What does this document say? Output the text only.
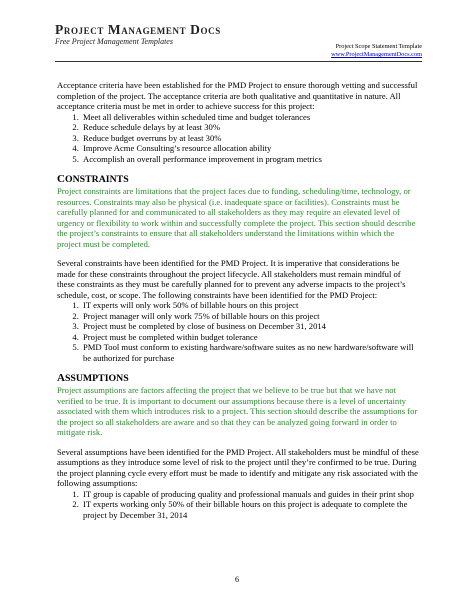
Project Management Docs
Free Project Management Templates
Project Scope Statement Template
www.ProjectManagementDocs.com

Acceptance criteria have been established for the PMD Project to ensure thorough vetting and successful completion of the project. The acceptance criteria are both qualitative and quantitative in nature. All acceptance criteria must be met in order to achieve success for this project:

1. Meet all deliverables within scheduled time and budget tolerances
2. Reduce schedule delays by at least 30%
3. Reduce budget overruns by at least 30%
4. Improve Acme Consulting’s resource allocation ability
5. Accomplish an overall performance improvement in program metrics
CONSTRAINTS

Project constraints are limitations that the project faces due to funding, scheduling/time, technology, or resources. Constraints may also be physical (i.e. inadequate space or facilities). Constraints must be carefully planned for and communicated to all stakeholders as they may require an elevated level of urgency or flexibility to work within and successfully complete the project. This section should describe the project’s constraints to ensure that all stakeholders understand the limitations within which the project must be completed.

Several constraints have been identified for the PMD Project. It is imperative that considerations be made for these constraints throughout the project lifecycle. All stakeholders must remain mindful of these constraints as they must be carefully planned for to prevent any adverse impacts to the project’s schedule, cost, or scope. The following constraints have been identified for the PMD Project:

1. IT experts will only work 50% of billable hours on this project
2. Project manager will only work 75% of billable hours on this project
3. Project must be completed by close of business on December 31, 2014
4. Project must be completed within budget tolerance
5. PMD Tool must conform to existing hardware/software suites as no new hardware/software will be authorized for purchase
ASSUMPTIONS

Project assumptions are factors affecting the project that we believe to be true but that we have not verified to be true. It is important to document our assumptions because there is a level of uncertainty associated with them which introduces risk to a project. This section should describe the assumptions for the project so all stakeholders are aware and so that they can be analyzed going forward in order to mitigate risk.

Several assumptions have been identified for the PMD Project. All stakeholders must be mindful of these assumptions as they introduce some level of risk to the project until they’re confirmed to be true. During the project planning cycle every effort must be made to identify and mitigate any risk associated with the following assumptions:

1. IT group is capable of producing quality and professional manuals and guides in their print shop
2. IT experts working only 50% of their billable hours on this project is adequate to complete the project by December 31, 2014
6
